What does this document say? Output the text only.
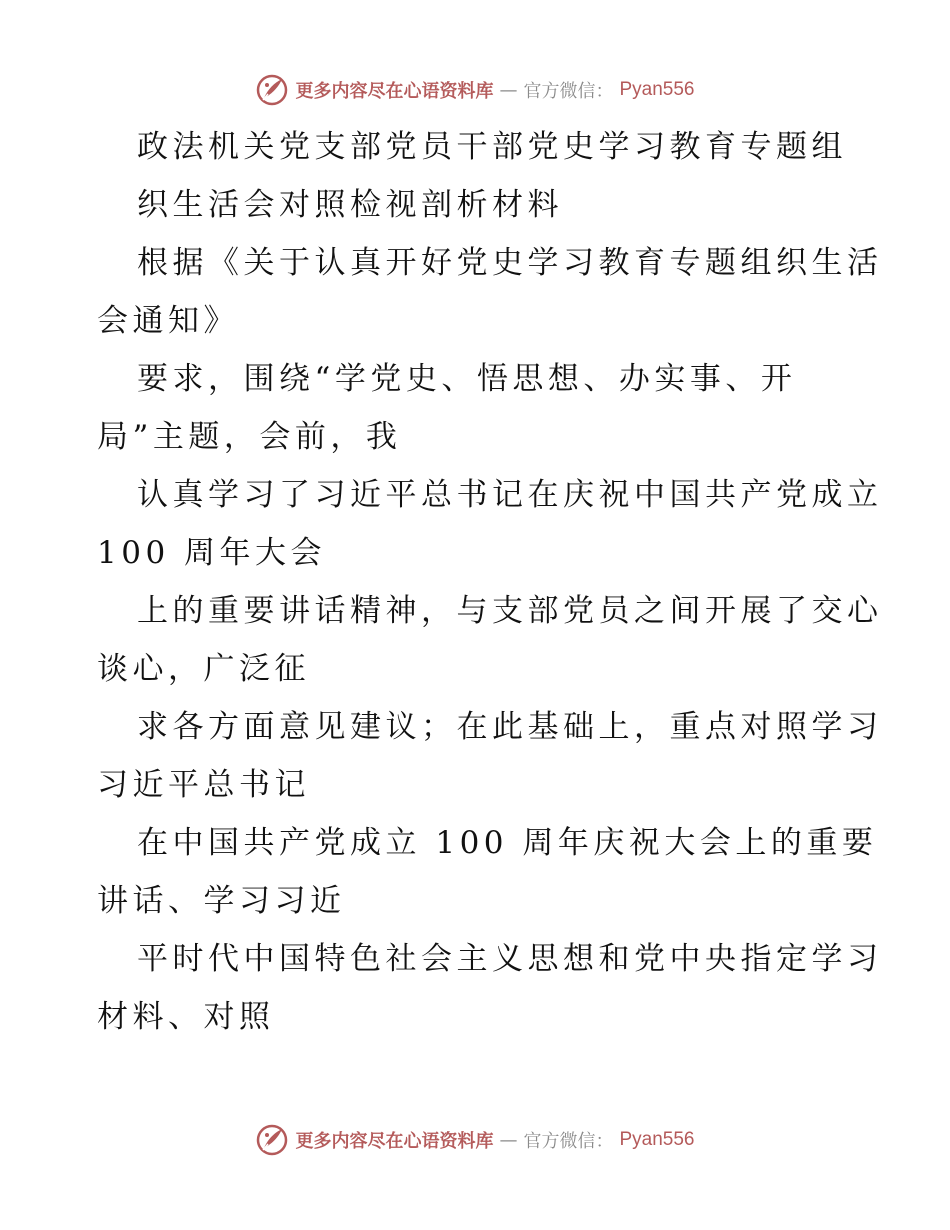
更多内容尽在心语资料库 — 官方微信： Pyan556
政法机关党支部党员干部党史学习教育专题组
织生活会对照检视剖析材料
根据《关于认真开好党史学习教育专题组织生活
会通知》
要求，围绕“学党史、悟思想、办实事、开
局”主题，会前，我
认真学习了习近平总书记在庆祝中国共产党成立
100 周年大会
上的重要讲话精神，与支部党员之间开展了交心
谈心，广泛征
求各方面意见建议；在此基础上，重点对照学习
习近平总书记
在中国共产党成立 100 周年庆祝大会上的重要
讲话、学习习近
平时代中国特色社会主义思想和党中央指定学习
材料、对照
更多内容尽在心语资料库 — 官方微信： Pyan556
